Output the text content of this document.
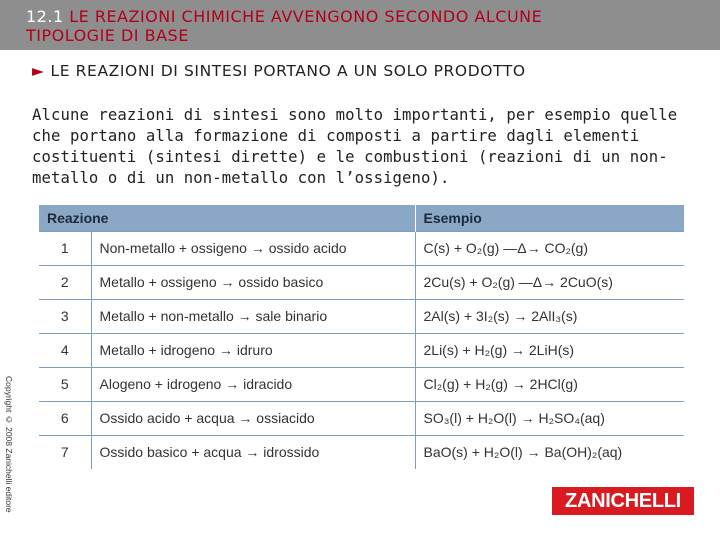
12.1 LE REAZIONI CHIMICHE AVVENGONO SECONDO ALCUNE
TIPOLOGIE DI BASE
► LE REAZIONI DI SINTESI PORTANO A UN SOLO PRODOTTO
Alcune reazioni di sintesi sono molto importanti, per esempio quelle che portano alla formazione di composti a partire dagli elementi costituenti (sintesi dirette) e le combustioni (reazioni di un non-metallo o di un non-metallo con l’ossigeno).
Reazione		Esempio
1	Non-metallo + ossigeno → ossido acido	C(s) + O₂(g) —Δ→ CO₂(g)
2	Metallo + ossigeno → ossido basico	2Cu(s) + O₂(g) —Δ→ 2CuO(s)
3	Metallo + non-metallo → sale binario	2Al(s) + 3I₂(s) → 2AlI₃(s)
4	Metallo + idrogeno → idruro	2Li(s) + H₂(g) → 2LiH(s)
5	Alogeno + idrogeno → idracido	Cl₂(g) + H₂(g) → 2HCl(g)
6	Ossido acido + acqua → ossiacido	SO₃(l) + H₂O(l) → H₂SO₄(aq)
7	Ossido basico + acqua → idrossido	BaO(s) + H₂O(l) → Ba(OH)₂(aq)
Copyright © 2008 Zanichelli editore	ZANICHELLI
